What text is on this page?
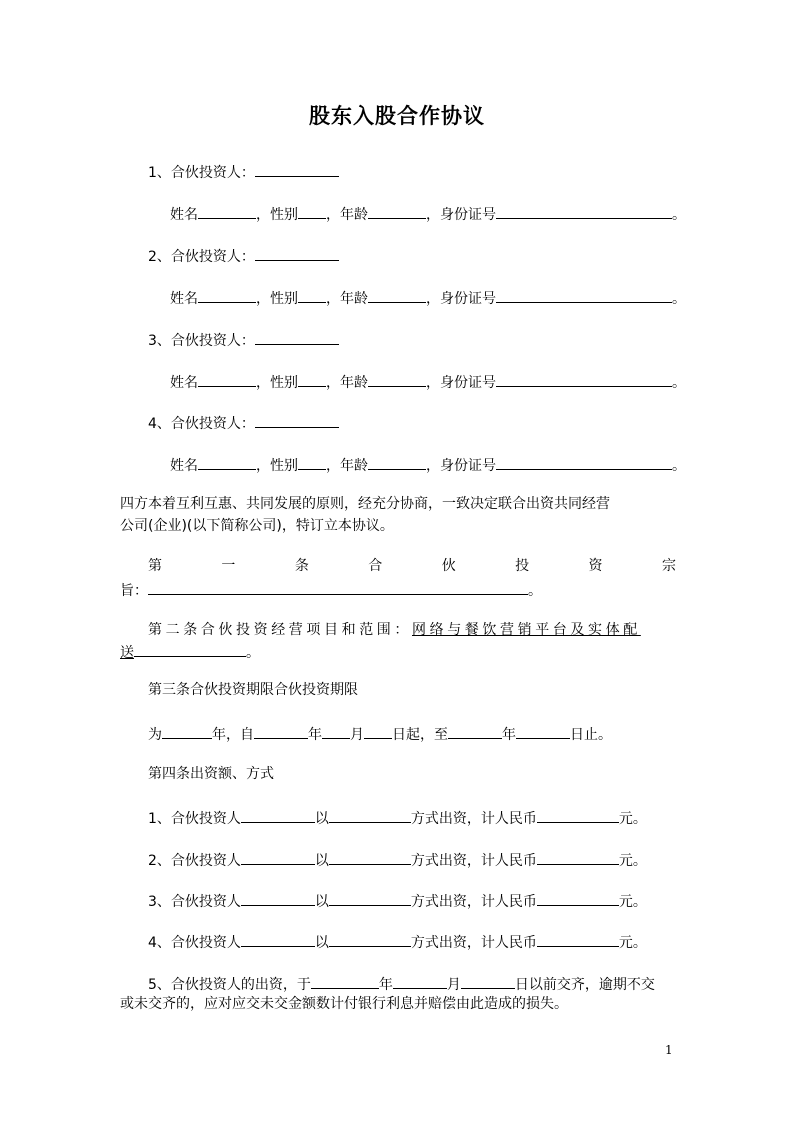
股东入股合作协议
1、合伙投资人：
姓名	，性别 ，年龄	，身份证号	。
2、合伙投资人：
姓名	，性别 ，年龄	，身份证号	。
3、合伙投资人：
姓名	，性别 ，年龄	，身份证号	。
4、合伙投资人：
姓名	，性别 ，年龄	，身份证号	。
四方本着互利互惠、共同发展的原则，经充分协商，一致决定联合出资共同经营
公司(企业)(以下简称公司)，特订立本协议。
第	一	条	合	伙	投	资	宗
旨：	。
第二条合伙投资经营项目和范围：网络与餐饮营销平台及实体配
送	。
第三条合伙投资期限合伙投资期限
为	年，自	年 月 日起，至	年	日止。
第四条出资额、方式
1、合伙投资人	以	方式出资，计人民币	元。
2、合伙投资人	以	方式出资，计人民币	元。
3、合伙投资人	以	方式出资，计人民币	元。
4、合伙投资人	以	方式出资，计人民币	元。
5、合伙投资人的出资，于	年	月	日以前交齐，逾期不交
或未交齐的，应对应交未交金额数计付银行利息并赔偿由此造成的损失。
1
